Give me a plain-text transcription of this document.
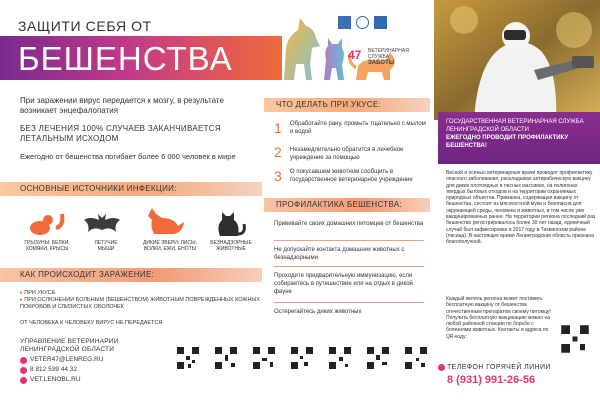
ЗАЩИТИ СЕБЯ ОТ
БЕШЕНСТВА	47 ВЕТЕРИНАРНАЯ
СЛУЖБА
ЗАБОТЫ
При заражении вирус передается к мозгу, в результате возникает энцефалопатия
БЕЗ ЛЕЧЕНИЯ 100% СЛУЧАЕВ ЗАКАНЧИВАЕТСЯ ЛЕТАЛЬНЫМ ИСХОДОМ
Ежегодно от бешенства погибает более 6 000 человек в мире
ОСНОВНЫЕ ИСТОЧНИКИ ИНФЕКЦИИ:
ГРЫЗУНЫ: БЕЛКИ, ХОМЯКИ, КРЫСЫ
ЛЕТУЧИЕ МЫШИ
ДИКИЕ ЗВЕРИ: ЛИСЫ, ВОЛКИ, ЕЖИ, ЕНОТЫ
БЕЗНАДЗОРНЫЕ ЖИВОТНЫЕ
КАК ПРОИСХОДИТ ЗАРАЖЕНИЕ:
▸ ПРИ УКУСЕ
▸ ПРИ ОСЛЮНЕНИИ БОЛЬНЫМ (БЕШЕНСТВОМ) ЖИВОТНЫМ ПОВРЕЖДЕННЫХ КОЖНЫХ ПОКРОВОВ И СЛИЗИСТЫХ ОБОЛОЧЕК
ОТ ЧЕЛОВЕКА К ЧЕЛОВЕКУ ВИРУС НЕ ПЕРЕДАЕТСЯ
УПРАВЛЕНИЕ ВЕТЕРИНАРИИ
ЛЕНИНГРАДСКОЙ ОБЛАСТИ
VETER47@LENREG.RU
8 812 539 44 32
VET.LENOBL.RU
ЧТО ДЕЛАТЬ ПРИ УКУСЕ:
1 Обработайте рану, промыть тщательно с мылом и водой
2 Незамедлительно обратится в лечебное учреждение за помощью
3 О покусавшем животном сообщить в государственное ветеринарное учреждение
ПРОФИЛАКТИКА БЕШЕНСТВА:
Прививайте своих домашних питомцев от бешенства
Не допускайте контакта домашних животных с безнадзорными
Проходите предварительную иммунизацию, если собираетесь в путешествие или на отдых в дикой фауне
Остерегайтесь диких животных
ГОСУДАРСТВЕННАЯ ВЕТЕРИНАРНАЯ СЛУЖБА ЛЕНИНГРАДСКОЙ ОБЛАСТИ
ЕЖЕГОДНО ПРОВОДИТ ПРОФИЛАКТИКУ БЕШЕНСТВА!
Весной и осенью ветеринарные врачи проводят профилактику опасного заболевания, раскладывая антирабическую вакцину для диких плотоядных в лесных массивах, на полигонах твердых бытовых отходов и на территории охраняемых природных объектов. Приманка, содержащая вакцину от бешенства, состоит из мясокостной муки и безопасна для окружающей среды, человека и животных, в том числе уже вакцинированных ранее. На территории региона последний раз бешенство регистрировалось более 30 лет назад, единичный случай был зафиксирован в 2017 году в Тихвинском районе (лисица). В настоящее время Ленинградская область признана благополучной.
Каждый житель региона может поставить бесплатную вакцину от бешенства отечественным препаратом своему питомцу! Получить бесплатную вакцинацию можно на любой районной станции по борьбе с болезнями животных. Контакты и адреса по QR-коду:
ТЕЛЕФОН ГОРЯЧЕЙ ЛИНИИ
8 (931) 991-26-56
